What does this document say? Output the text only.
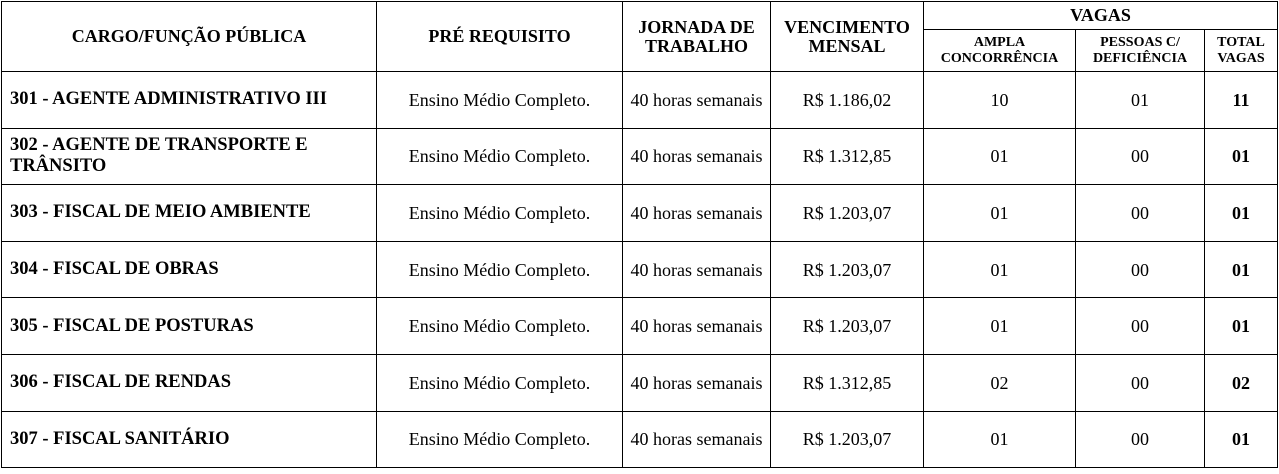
CARGO/FUNÇÃO PÚBLICA	PRÉ REQUISITO	JORNADA DE TRABALHO	VENCIMENTO MENSAL	VAGAS		
				AMPLA CONCORRÊNCIA	PESSOAS C/ DEFICIÊNCIA	TOTAL VAGAS
301 - AGENTE ADMINISTRATIVO III	Ensino Médio Completo.	40 horas semanais	R$ 1.186,02	10	01	11
302 - AGENTE DE TRANSPORTE E TRÂNSITO	Ensino Médio Completo.	40 horas semanais	R$ 1.312,85	01	00	01
303 - FISCAL DE MEIO AMBIENTE	Ensino Médio Completo.	40 horas semanais	R$ 1.203,07	01	00	01
304 - FISCAL DE OBRAS	Ensino Médio Completo.	40 horas semanais	R$ 1.203,07	01	00	01
305 - FISCAL DE POSTURAS	Ensino Médio Completo.	40 horas semanais	R$ 1.203,07	01	00	01
306 - FISCAL DE RENDAS	Ensino Médio Completo.	40 horas semanais	R$ 1.312,85	02	00	02
307 - FISCAL SANITÁRIO	Ensino Médio Completo.	40 horas semanais	R$ 1.203,07	01	00	01
